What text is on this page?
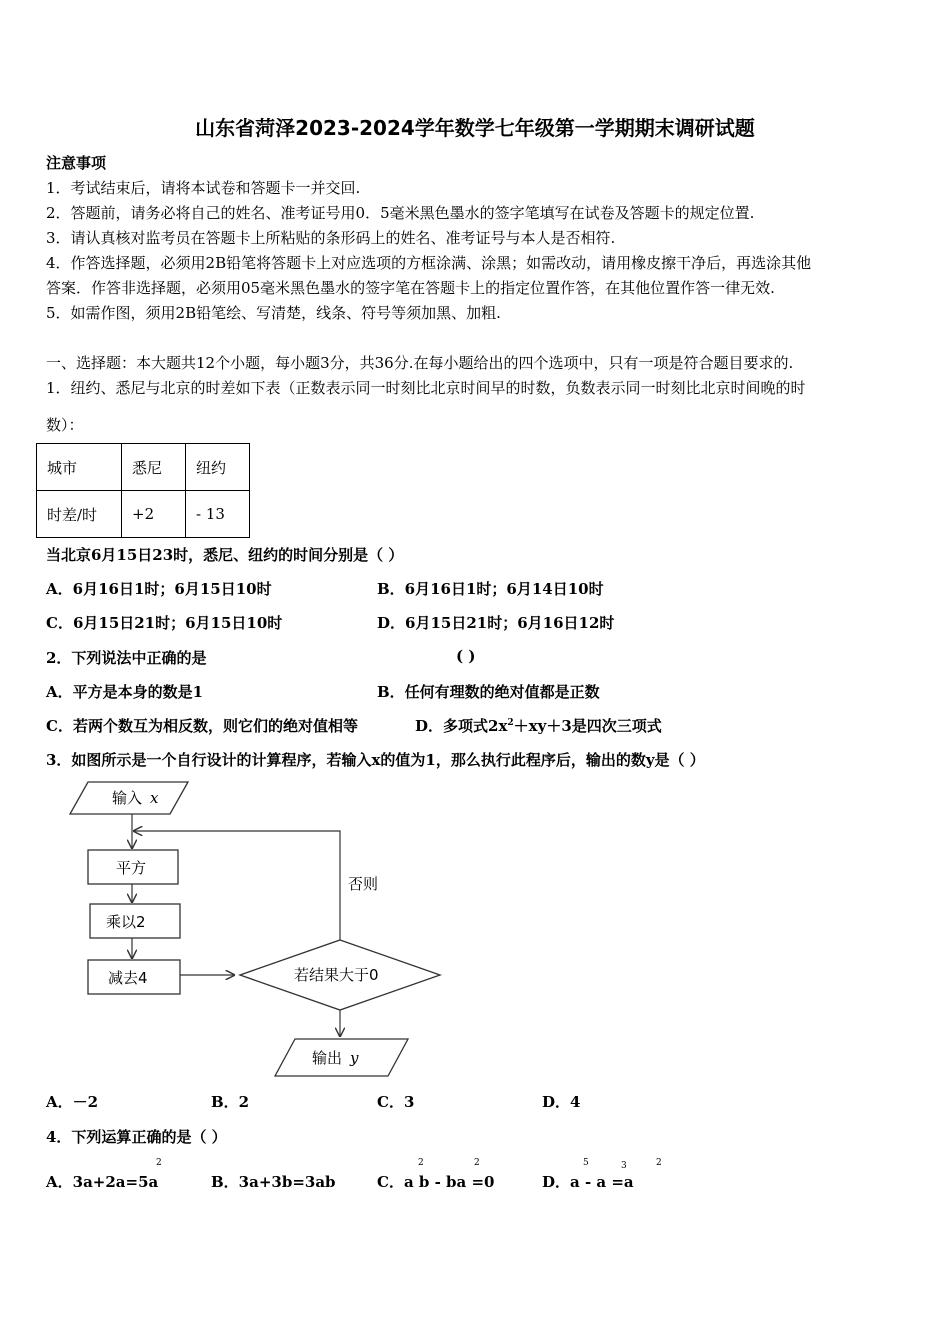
山东省菏泽2023-2024学年数学七年级第一学期期末调研试题
注意事项
1．考试结束后，请将本试卷和答题卡一并交回.
2．答题前，请务必将自己的姓名、准考证号用0．5毫米黑色墨水的签字笔填写在试卷及答题卡的规定位置.
3．请认真核对监考员在答题卡上所粘贴的条形码上的姓名、准考证号与本人是否相符.
4．作答选择题，必须用2B铅笔将答题卡上对应选项的方框涂满、涂黑；如需改动，请用橡皮擦干净后，再选涂其他
答案．作答非选择题，必须用05毫米黑色墨水的签字笔在答题卡上的指定位置作答，在其他位置作答一律无效.
5．如需作图，须用2B铅笔绘、写清楚，线条、符号等须加黑、加粗.
一、选择题：本大题共12个小题，每小题3分，共36分.在每小题给出的四个选项中，只有一项是符合题目要求的.
1．纽约、悉尼与北京的时差如下表（正数表示同一时刻比北京时间早的时数，负数表示同一时刻比北京时间晚的时
数）：
城市	悉尼	纽约
时差/时	+2	- 13
当北京6月15日23时，悉尼、纽约的时间分别是（ ）
A．6月16日1时；6月15日10时	B．6月16日1时；6月14日10时
C．6月15日21时；6月15日10时	D．6月15日21时；6月16日12时
2．下列说法中正确的是	( )
A．平方是本身的数是1	B．任何有理数的绝对值都是正数
C．若两个数互为相反数，则它们的绝对值相等	D．多项式$2x^2+xy+3$是四次三项式
3．如图所示是一个自行设计的计算程序，若输入x的值为1，那么执行此程序后，输出的数y是（ ）
输入 x
平方
乘以2
减去4	若结果大于0
否则
输出 y
A．－2	B．2	C．3	D．4
4．下列运算正确的是（ ）
A．3a+2a=5a
2
B．3a+3b=3ab	C．a b - ba =0
2	2
D．a - a =a
5	3	2
